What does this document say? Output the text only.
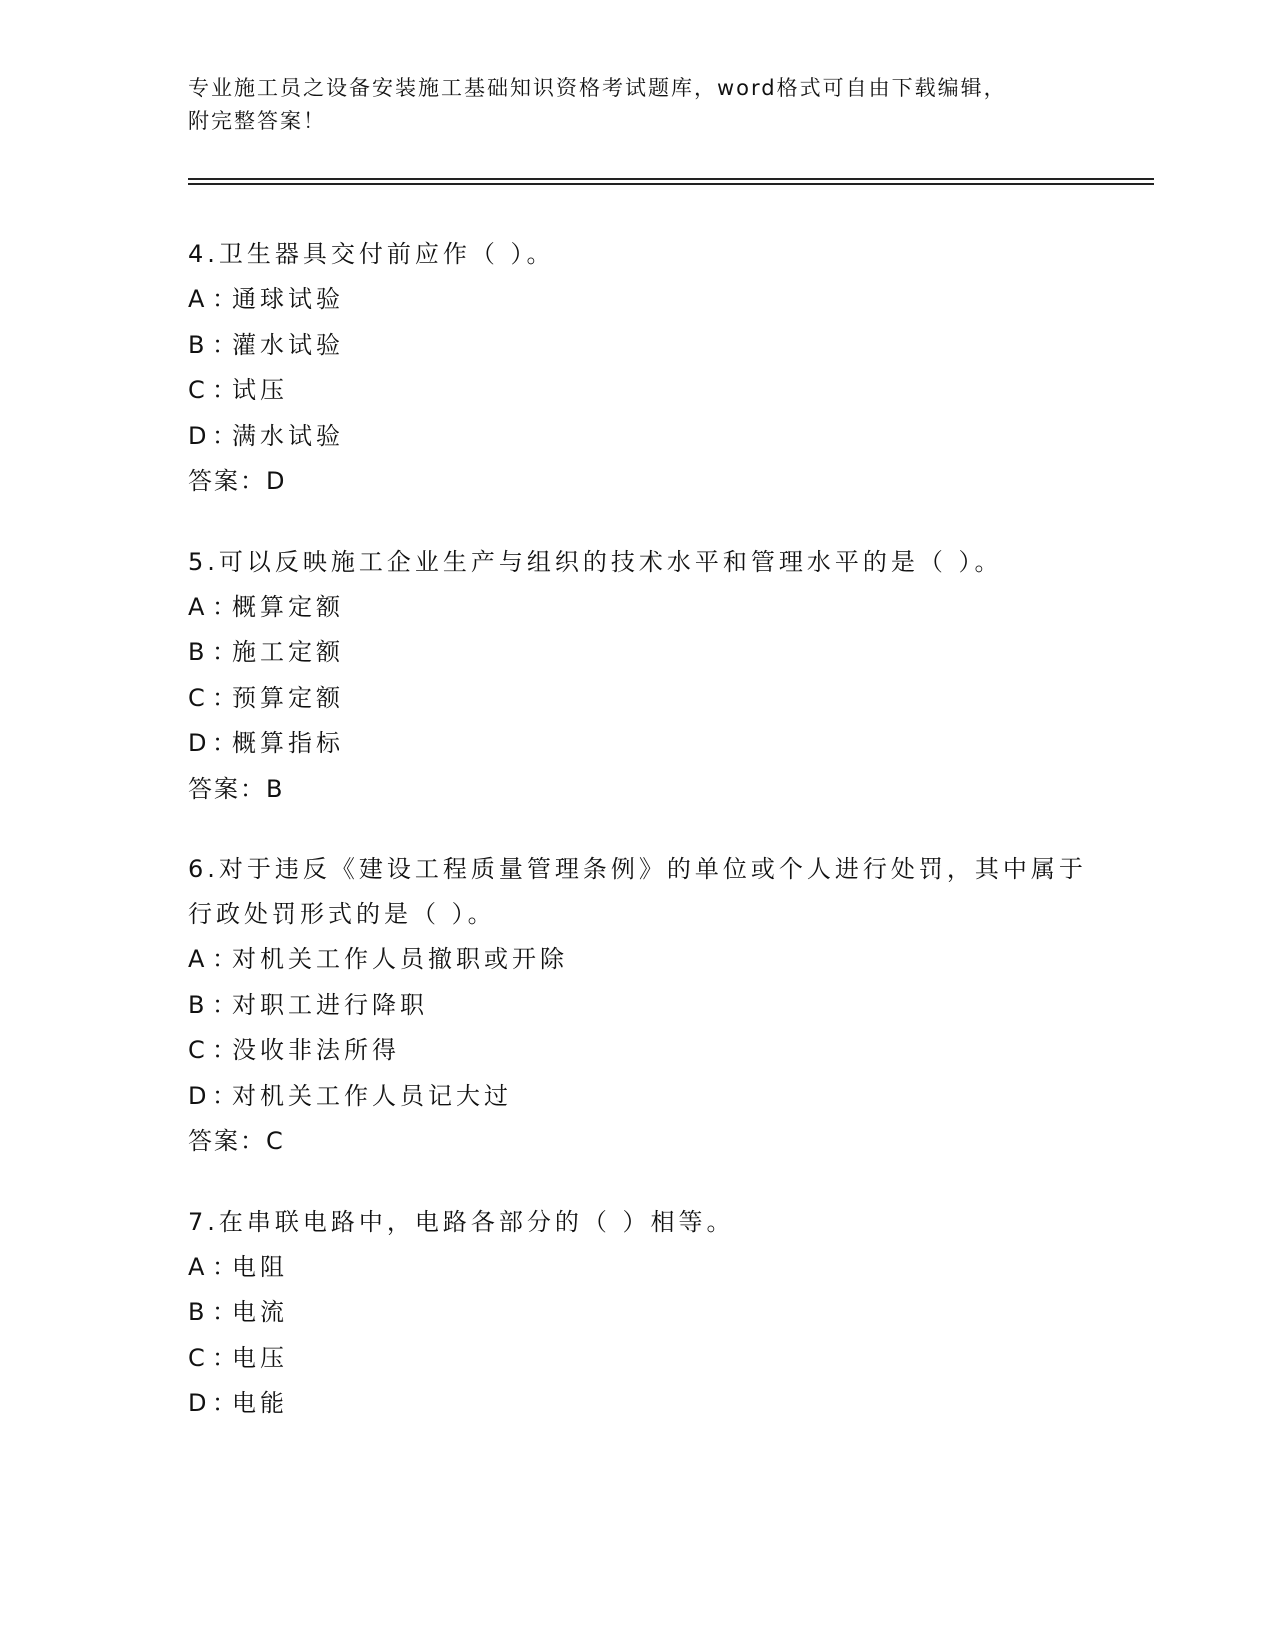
专业施工员之设备安装施工基础知识资格考试题库，word格式可自由下载编辑，
附完整答案！
4.卫生器具交付前应作（ ）。
A ：通球试验
B ：灌水试验
C ：试压
D ：满水试验
答案：D
5.可以反映施工企业生产与组织的技术水平和管理水平的是（ ）。
A ：概算定额
B ：施工定额
C ：预算定额
D ：概算指标
答案：B
6.对于违反《建设工程质量管理条例》的单位或个人进行处罚，其中属于行政处罚形式的是（ ）。
A ：对机关工作人员撤职或开除
B ：对职工进行降职
C ：没收非法所得
D ：对机关工作人员记大过
答案：C
7.在串联电路中，电路各部分的（ ）相等。
A ：电阻
B ：电流
C ：电压
D ：电能
